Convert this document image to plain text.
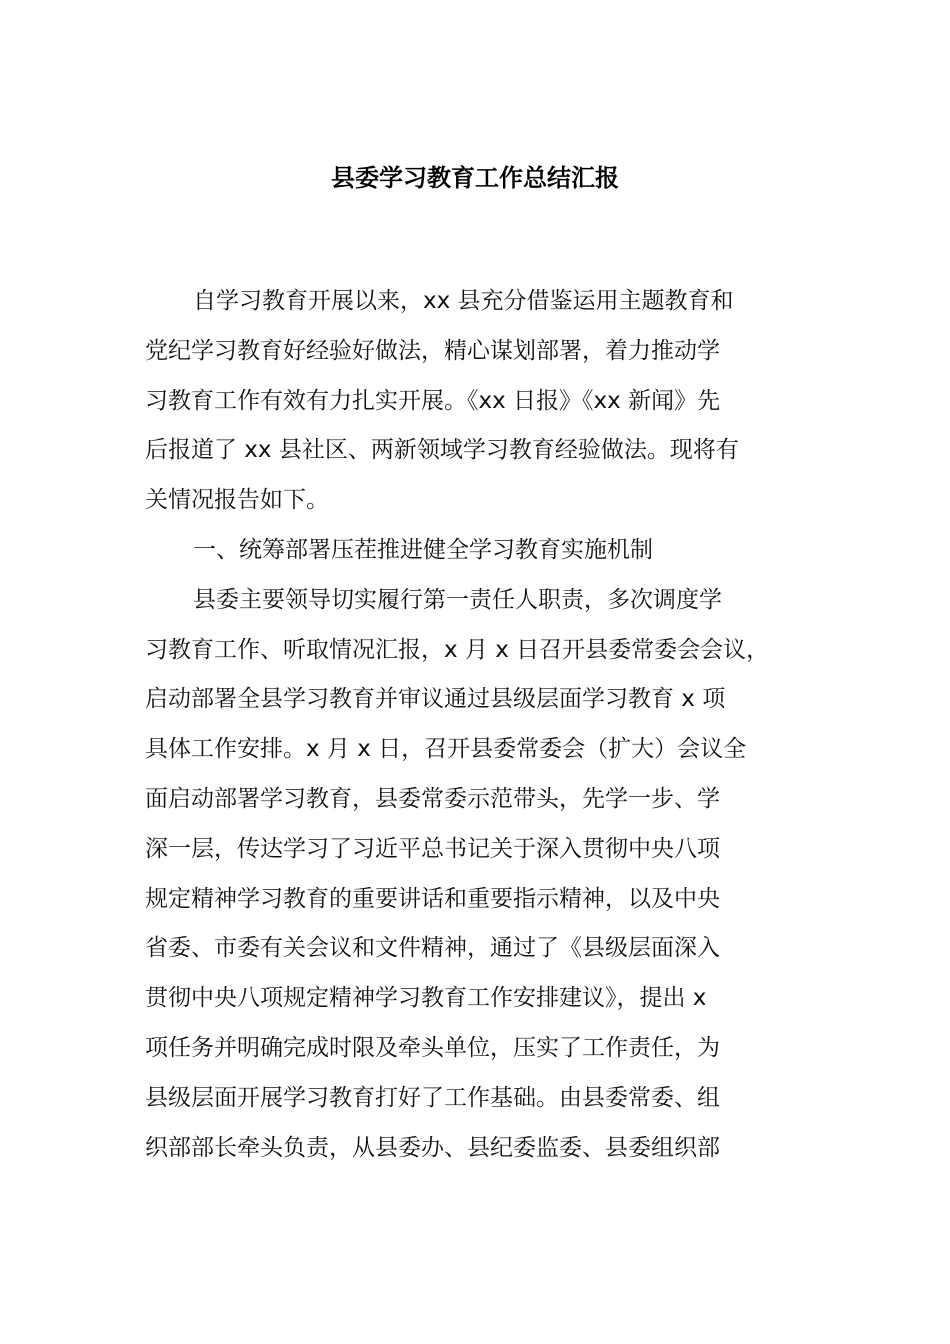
县委学习教育工作总结汇报
自学习教育开展以来，xx 县充分借鉴运用主题教育和
党纪学习教育好经验好做法，精心谋划部署，着力推动学
习教育工作有效有力扎实开展。《xx 日报》《xx 新闻》先
后报道了 xx 县社区、两新领域学习教育经验做法。现将有
关情况报告如下。
一、统筹部署压茬推进健全学习教育实施机制
县委主要领导切实履行第一责任人职责，多次调度学
习教育工作、听取情况汇报，x 月 x 日召开县委常委会会议，
启动部署全县学习教育并审议通过县级层面学习教育 x 项
具体工作安排。x 月 x 日，召开县委常委会（扩大）会议全
面启动部署学习教育，县委常委示范带头，先学一步、学
深一层，传达学习了习近平总书记关于深入贯彻中央八项
规定精神学习教育的重要讲话和重要指示精神，以及中央
省委、市委有关会议和文件精神，通过了《县级层面深入
贯彻中央八项规定精神学习教育工作安排建议》，提出 x
项任务并明确完成时限及牵头单位，压实了工作责任，为
县级层面开展学习教育打好了工作基础。由县委常委、组
织部部长牵头负责，从县委办、县纪委监委、县委组织部
